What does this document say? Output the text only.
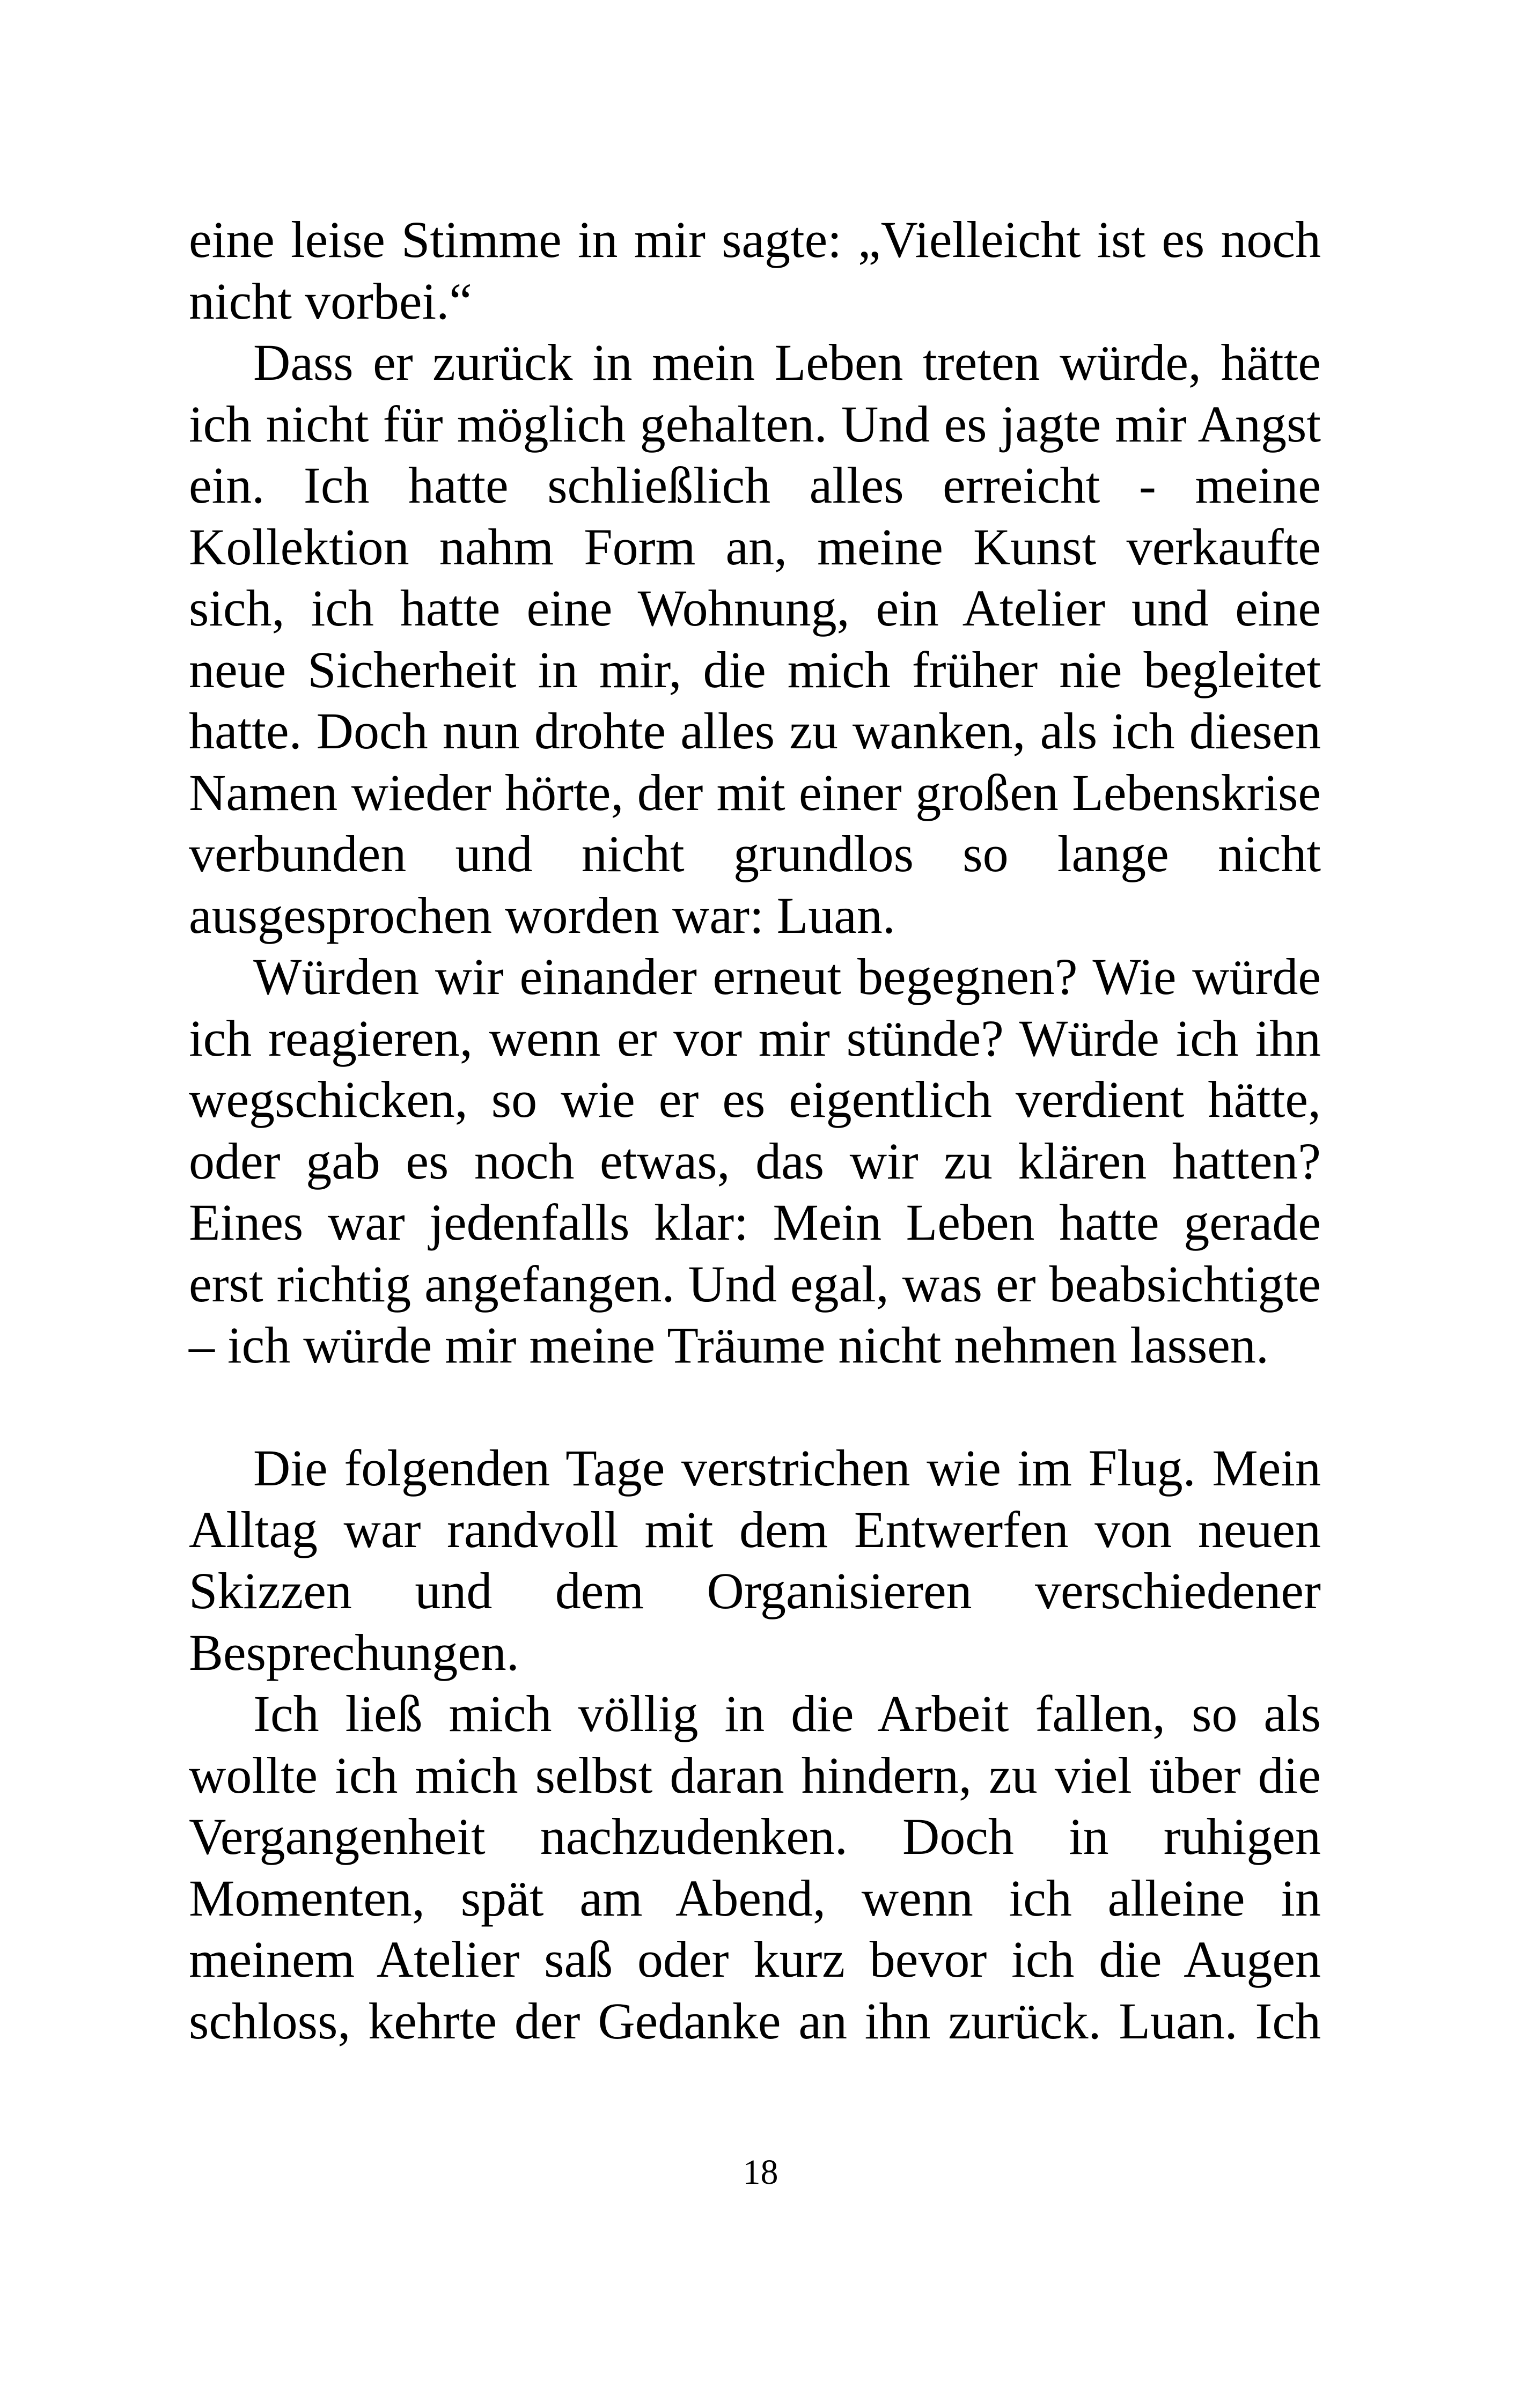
eine leise Stimme in mir sagte: „Vielleicht ist es noch nicht vorbei.“

Dass er zurück in mein Leben treten würde, hätte ich nicht für möglich gehalten. Und es jagte mir Angst ein. Ich hatte schließlich alles erreicht - meine Kollektion nahm Form an, meine Kunst verkaufte sich, ich hatte eine Wohnung, ein Atelier und eine neue Sicherheit in mir, die mich früher nie begleitet hatte. Doch nun drohte alles zu wanken, als ich diesen Namen wieder hörte, der mit einer großen Lebenskrise verbunden und nicht grundlos so lange nicht ausgesprochen worden war: Luan.

Würden wir einander erneut begegnen? Wie würde ich reagieren, wenn er vor mir stünde? Würde ich ihn wegschicken, so wie er es eigentlich verdient hätte, oder gab es noch etwas, das wir zu klären hatten? Eines war jedenfalls klar: Mein Leben hatte gerade erst richtig angefangen. Und egal, was er beabsichtigte – ich würde mir meine Träume nicht nehmen lassen.

Die folgenden Tage verstrichen wie im Flug. Mein Alltag war randvoll mit dem Entwerfen von neuen Skizzen und dem Organisieren verschiedener Besprechungen.

Ich ließ mich völlig in die Arbeit fallen, so als wollte ich mich selbst daran hindern, zu viel über die Vergangenheit nachzudenken. Doch in ruhigen Momenten, spät am Abend, wenn ich alleine in meinem Atelier saß oder kurz bevor ich die Augen schloss, kehrte der Gedanke an ihn zurück. Luan. Ich

18
